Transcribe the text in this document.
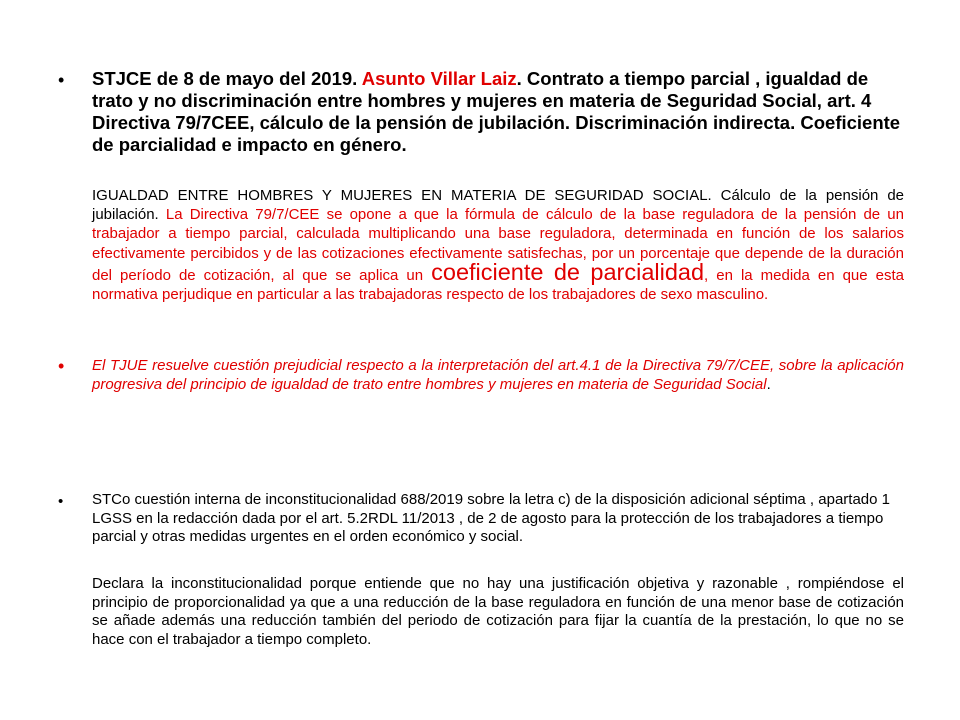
• STJCE de 8 de mayo del 2019. Asunto Villar Laiz. Contrato a tiempo parcial , igualdad de trato y no discriminación entre hombres y mujeres en materia de Seguridad Social, art. 4 Directiva 79/7CEE, cálculo de la pensión de jubilación. Discriminación indirecta. Coeficiente de parcialidad e impacto en género.
IGUALDAD ENTRE HOMBRES Y MUJERES EN MATERIA DE SEGURIDAD SOCIAL. Cálculo de la pensión de jubilación. La Directiva 79/7/CEE se opone a que la fórmula de cálculo de la base reguladora de la pensión de un trabajador a tiempo parcial, calculada multiplicando una base reguladora, determinada en función de los salarios efectivamente percibidos y de las cotizaciones efectivamente satisfechas, por un porcentaje que depende de la duración del período de cotización, al que se aplica un coeficiente de parcialidad, en la medida en que esta normativa perjudique en particular a las trabajadoras respecto de los trabajadores de sexo masculino.
• El TJUE resuelve cuestión prejudicial respecto a la interpretación del art.4.1 de la Directiva 79/7/CEE, sobre la aplicación progresiva del principio de igualdad de trato entre hombres y mujeres en materia de Seguridad Social.
• STCo cuestión interna de inconstitucionalidad 688/2019 sobre la letra c) de la disposición adicional séptima , apartado 1 LGSS en la redacción dada por el art. 5.2RDL 11/2013 , de 2 de agosto para la protección de los trabajadores a tiempo parcial y otras medidas urgentes en el orden económico y social.
Declara la inconstitucionalidad porque entiende que no hay una justificación objetiva y razonable , rompiéndose el principio de proporcionalidad ya que a una reducción de la base reguladora en función de una menor base de cotización se añade además una reducción también del periodo de cotización para fijar la cuantía de la prestación, lo que no se hace con el trabajador a tiempo completo.
